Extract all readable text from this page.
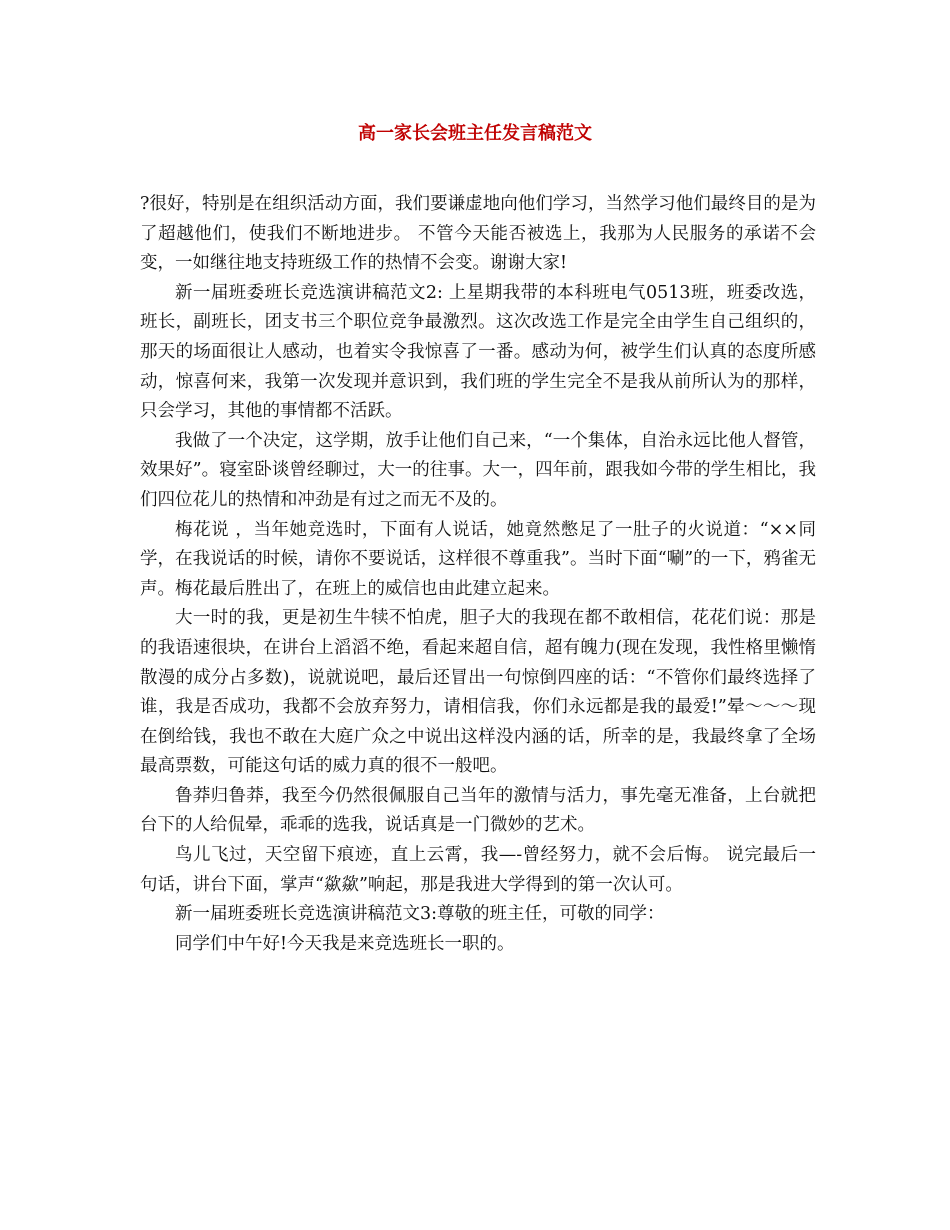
高一家长会班主任发言稿范文

?很好，特别是在组织活动方面，我们要谦虚地向他们学习，当然学习他们最终目的是为了超越他们，使我们不断地进步。 不管今天能否被选上，我那为人民服务的承诺不会变，一如继往地支持班级工作的热情不会变。谢谢大家!

新一届班委班长竞选演讲稿范文2: 上星期我带的本科班电气0513班，班委改选，班长，副班长，团支书三个职位竞争最激烈。这次改选工作是完全由学生自己组织的，那天的场面很让人感动，也着实令我惊喜了一番。感动为何，被学生们认真的态度所感动，惊喜何来，我第一次发现并意识到，我们班的学生完全不是我从前所认为的那样，只会学习，其他的事情都不活跃。

我做了一个决定，这学期，放手让他们自己来，“一个集体，自治永远比他人督管，效果好”。寝室卧谈曾经聊过，大一的往事。大一，四年前，跟我如今带的学生相比，我们四位花儿的热情和冲劲是有过之而无不及的。

梅花说 ，当年她竞选时，下面有人说话，她竟然憋足了一肚子的火说道：“××同学，在我说话的时候，请你不要说话，这样很不尊重我”。当时下面“唰”的一下，鸦雀无声。梅花最后胜出了，在班上的威信也由此建立起来。

大一时的我，更是初生牛犊不怕虎，胆子大的我现在都不敢相信，花花们说：那是的我语速很块，在讲台上滔滔不绝，看起来超自信，超有魄力(现在发现，我性格里懒惰散漫的成分占多数)，说就说吧，最后还冒出一句惊倒四座的话：“不管你们最终选择了谁，我是否成功，我都不会放弃努力，请相信我，你们永远都是我的最爱!”晕～～～现在倒给钱，我也不敢在大庭广众之中说出这样没内涵的话，所幸的是，我最终拿了全场最高票数，可能这句话的威力真的很不一般吧。

鲁莽归鲁莽，我至今仍然很佩服自己当年的激情与活力，事先毫无准备，上台就把台下的人给侃晕，乖乖的选我，说话真是一门微妙的艺术。

鸟儿飞过，天空留下痕迹，直上云霄，我—-曾经努力，就不会后悔。 说完最后一句话，讲台下面，掌声“歘歘”响起，那是我进大学得到的第一次认可。

新一届班委班长竞选演讲稿范文3:尊敬的班主任，可敬的同学：

同学们中午好!今天我是来竞选班长一职的。
